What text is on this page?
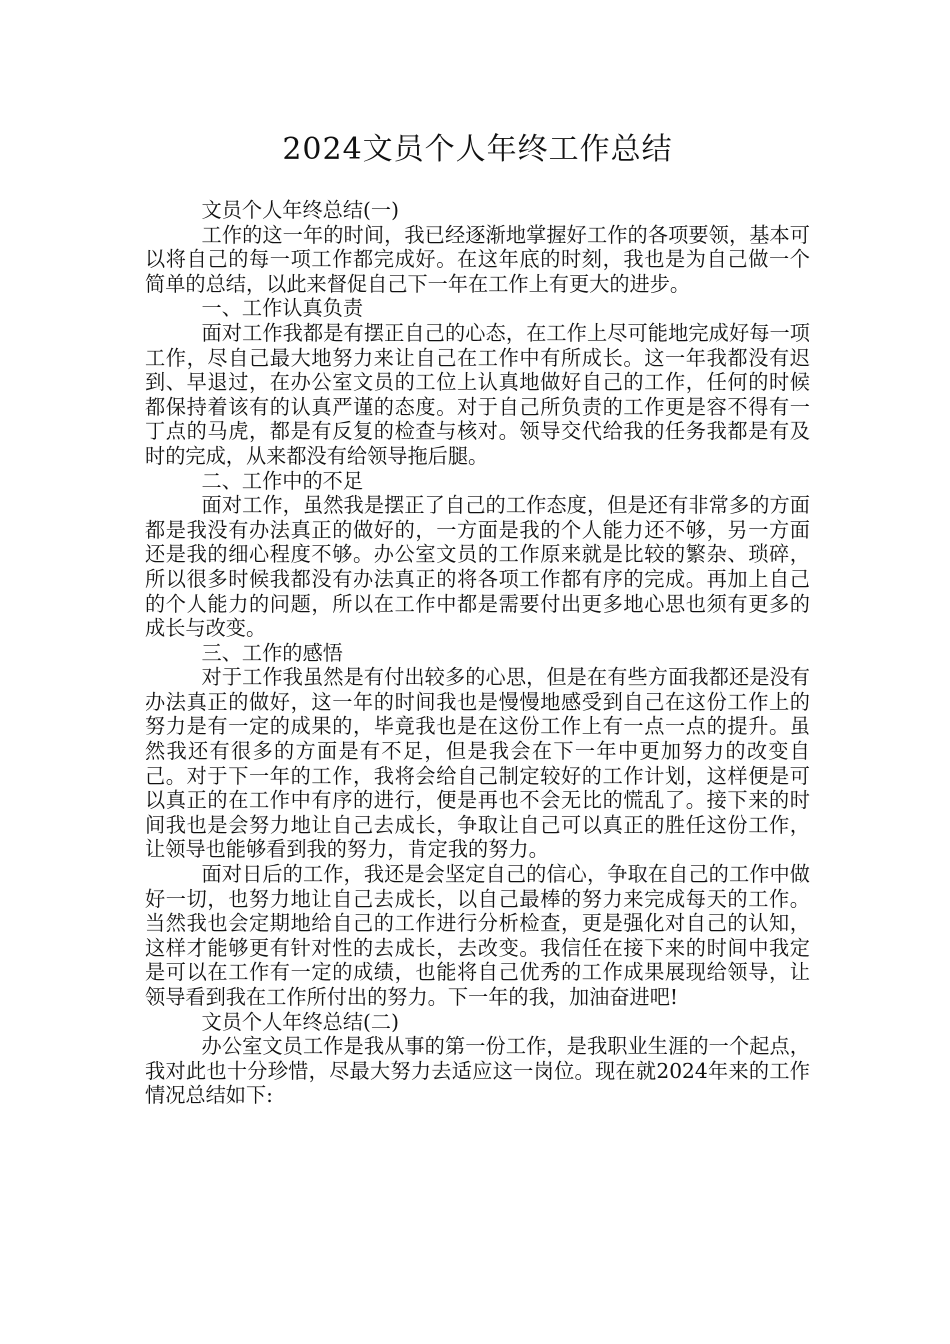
2024文员个人年终工作总结

文员个人年终总结(一)

工作的这一年的时间，我已经逐渐地掌握好工作的各项要领，基本可以将自己的每一项工作都完成好。在这年底的时刻，我也是为自己做一个简单的总结，以此来督促自己下一年在工作上有更大的进步。

一、工作认真负责

面对工作我都是有摆正自己的心态，在工作上尽可能地完成好每一项工作，尽自己最大地努力来让自己在工作中有所成长。这一年我都没有迟到、早退过，在办公室文员的工位上认真地做好自己的工作，任何的时候都保持着该有的认真严谨的态度。对于自己所负责的工作更是容不得有一丁点的马虎，都是有反复的检查与核对。领导交代给我的任务我都是有及时的完成，从来都没有给领导拖后腿。

二、工作中的不足

面对工作，虽然我是摆正了自己的工作态度，但是还有非常多的方面都是我没有办法真正的做好的，一方面是我的个人能力还不够，另一方面还是我的细心程度不够。办公室文员的工作原来就是比较的繁杂、琐碎，所以很多时候我都没有办法真正的将各项工作都有序的完成。再加上自己的个人能力的问题，所以在工作中都是需要付出更多地心思也须有更多的成长与改变。

三、工作的感悟

对于工作我虽然是有付出较多的心思，但是在有些方面我都还是没有办法真正的做好，这一年的时间我也是慢慢地感受到自己在这份工作上的努力是有一定的成果的，毕竟我也是在这份工作上有一点一点的提升。虽然我还有很多的方面是有不足，但是我会在下一年中更加努力的改变自己。对于下一年的工作，我将会给自己制定较好的工作计划，这样便是可以真正的在工作中有序的进行，便是再也不会无比的慌乱了。接下来的时间我也是会努力地让自己去成长，争取让自己可以真正的胜任这份工作，让领导也能够看到我的努力，肯定我的努力。

面对日后的工作，我还是会坚定自己的信心，争取在自己的工作中做好一切，也努力地让自己去成长，以自己最棒的努力来完成每天的工作。当然我也会定期地给自己的工作进行分析检查，更是强化对自己的认知，这样才能够更有针对性的去成长，去改变。我信任在接下来的时间中我定是可以在工作有一定的成绩，也能将自己优秀的工作成果展现给领导，让领导看到我在工作所付出的努力。下一年的我，加油奋进吧!

文员个人年终总结(二)

办公室文员工作是我从事的第一份工作，是我职业生涯的一个起点，我对此也十分珍惜，尽最大努力去适应这一岗位。现在就2024年来的工作情况总结如下:
